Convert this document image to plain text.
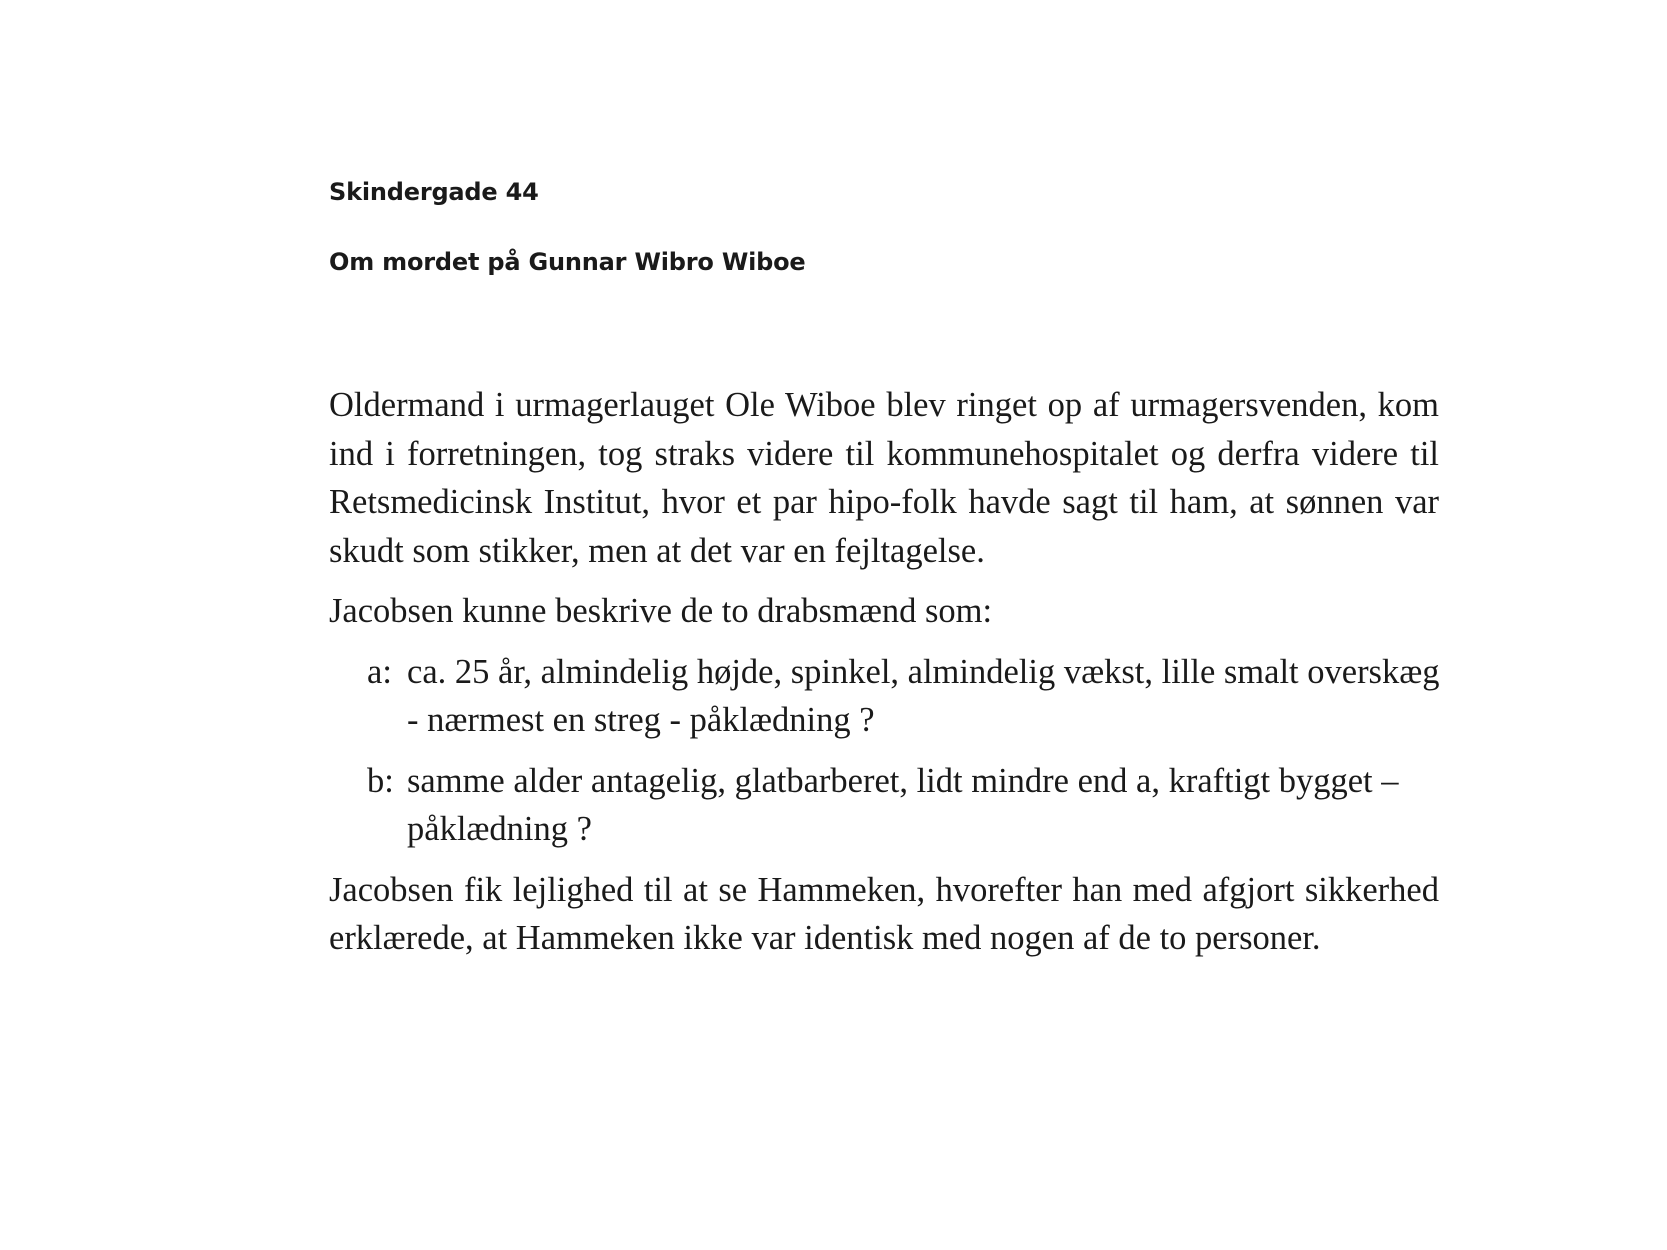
Skindergade 44
Om mordet på Gunnar Wibro Wiboe

Oldermand i urmagerlauget Ole Wiboe blev ringet op af urmagersvenden, kom ind i forretningen, tog straks videre til kommunehospitalet og derfra videre til Retsmedicinsk Institut, hvor et par hipo-folk havde sagt til ham, at sønnen var skudt som stikker, men at det var en fejltagelse.

Jacobsen kunne beskrive de to drabsmænd som:

a: ca. 25 år, almindelig højde, spinkel, almindelig vækst, lille smalt overskæg - nærmest en streg - påklædning ?
b: samme alder antagelig, glatbarberet, lidt mindre end a, kraftigt bygget – påklædning ?

Jacobsen fik lejlighed til at se Hammeken, hvorefter han med afgjort sikkerhed erklærede, at Hammeken ikke var identisk med nogen af de to personer.
